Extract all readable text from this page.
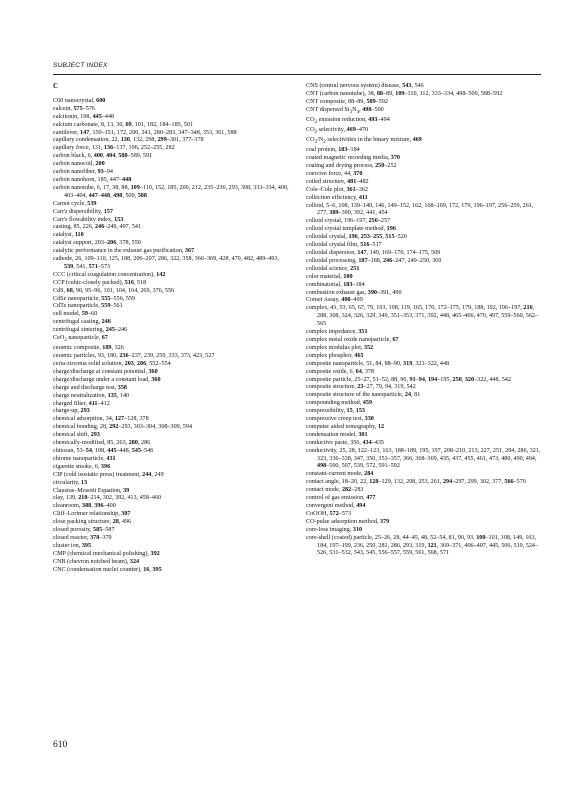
SUBJECT INDEX
C

C60 nanocrystal, 600

calcein, 575–576

calcitonin, 108, 445–448

calcium carbonate, 8, 13, 30, 69, 101, 182, 184–185, 501

cantilever, 147, 150–151, 172, 200, 241, 280–283, 347–348, 353, 361, 588

capillary condensation, 22, 130, 132, 298, 299–301, 377–378

capillary force, 131, 136–137, 196, 252–255, 282

carbon black, 6, 400, 404, 588–589, 591

carbon nanocoil, 200

carbon nanofiber, 93–94

carbon nanohorn, 185, 447–448

carbon nanotube, 6, 17, 38, 88, 109–110, 152, 185, 200, 212, 235–236, 293, 308, 333–334, 400, 403–404, 447–448, 498, 509, 588

Carnot cycle, 539

Carr's dispersibility, 157

Carr's flowability index, 153

casting, 85, 226, 246–249, 497, 541

catalyst, 110

catalyst support, 203–206, 378, 550

catalytic performance in the exhaust gas purification, 367

cathode, 26, 109–110, 125, 188, 206–207, 286, 322, 358, 366–369, 428, 470, 482, 489–493, 539, 541, 571–573

CCC (critical coagulation concentration), 142

CCP (cubic-closely packed), 516, 518

CdS, 68, 90, 95–96, 101, 104, 164, 269, 376, 556

CdSe nanoparticle, 555–556, 559

CdTe nanoparticle, 559–561

cell model, 59–60

centrifugal casting, 246

centrifugal sintering, 245–246

CeO$_2$ nanoparticle, 67

ceramic composite, 189, 326

ceramic particles, 93, 180, 236–237, 239, 250, 333, 373, 423, 527

ceria-zirconia solid solution, 203, 206, 552–554

charge/discharge at constant potential, 360

charge/discharge under a constant load, 360

charge and discharge test, 358

charge neutralization, 135, 140

charged filter, 411–412

charge-up, 293

chemical adsorption, 34, 127–128, 378

chemical bonding, 28, 292–293, 303–304, 308–309, 594

chemical shift, 293

chemically-modified, 85, 263, 280, 286

chitosan, 53–54, 108, 445–448, 545–546

chrome nanoparticle, 431

cigarette smoke, 6, 396

CIP (cold isostatic press) treatment, 244, 249

circularity, 13

Clausius–Mosotti Equation, 39

clay, 139, 210–214, 302, 392, 413, 458–460

cleanroom, 388, 396–400

Cliff–Lorimer relationship, 307

close packing structure, 28, 496

closed porosity, 585–587

closed reactor, 378–379

cluster ion, 395

CMP (chemical mechanical polishing), 392

CNB (chevron notched beam), 324

CNC (condensation nuclei counter), 16, 395

CNS (central nervous system) disease, 543, 546

CNT (carbon nanotube), 38, 88–89, 109–110, 112, 333–334, 498–500, 588–592

CNT composite, 88–89, 589–592

CNT dispersed $Si_3N_4$, 498–500

$CO_2$ emission reduction, 493–494

$CO_2$ selectivity, 469–470

$CO_2/N_2$ selectivities in the binary mixture, 469

coal protein, 183–184

coated magnetic recording media, 370

coating and drying process, 250–252

coercive force, 44, 370

coiled structure, 481–482

Cole–Cole plot, 361–362

collection efficiency, 411

colloid, 5–6, 108, 139–140, 146, 149–152, 162, 168–169, 172, 179, 196–197, 256–259, 261, 277, 389–390, 392, 441, 454

colloid crystal, 196–197, 256–257

colloid crystal template method, 196

colloidal crystal, 196, 253–255, 515–520

colloidal crystal film, 516–517

colloidal dispersion, 147, 149, 169–170, 174–175, 509

colloidal processing, 187–188, 246–247, 249–250, 369

colloidal science, 251

color material, 100

combinatorial, 183–184

combustion exhaust gas, 390–391, 490

Comet Assay, 408–409

complex, 43, 53, 65, 67, 79, 103, 108, 119, 165, 170, 172–175, 179, 188, 192, 196–197, 216, 288, 308, 324, 326, 329, 349, 351–353, 371, 392, 448, 465–466, 470, 497, 559–560, 562–565

complex impedance, 351

complex metal oxide nanoparticle, 67

complex modulus plot, 352

complex phosphor, 465

composite nanoparticle, 51, 84, 88–90, 319, 321–322, 448

composite oxide, 6, 64, 378

composite particle, 25–27, 51–52, 88, 90, 91–94, 194–195, 250, 320–322, 448, 542

composite structure, 23–27, 79, 94, 319, 542

composite structure of the nanoparticle, 24, 81

compounding method, 459

compressibility, 15, 153

compressive creep test, 330

computer aided tomography, 12

condensation model, 301

conductive paste, 356, 434–435

conductivity, 25, 28, 122–123, 163, 188–189, 195, 197, 208–210, 213, 227, 251, 284, 286, 321, 323, 336–338, 347, 350, 353–357, 366, 368–369, 435, 437, 455, 461, 473, 480, 490, 494, 498–500, 507, 539, 572, 591–592

constant-current mode, 284

contact angle, 18–20, 22, 128–129, 132, 208, 253, 261, 294–297, 299, 302, 377, 566–570

contact mode, 282–283

control of gas emission, 477

convergent method, 494

CoOOH, 572–573

CO-pulse adsorption method, 379

core-loss imaging, 310

core-shell (coated) particle, 25–26, 28, 44–45, 48, 52–54, 81, 90, 93, 100–101, 108, 149, 163, 184, 197–199, 236, 250, 281, 286, 293, 319, 321, 369–371, 406–407, 445, 506, 519, 524–526, 531–532, 543, 545, 556–557, 559, 561, 568, 571

610
